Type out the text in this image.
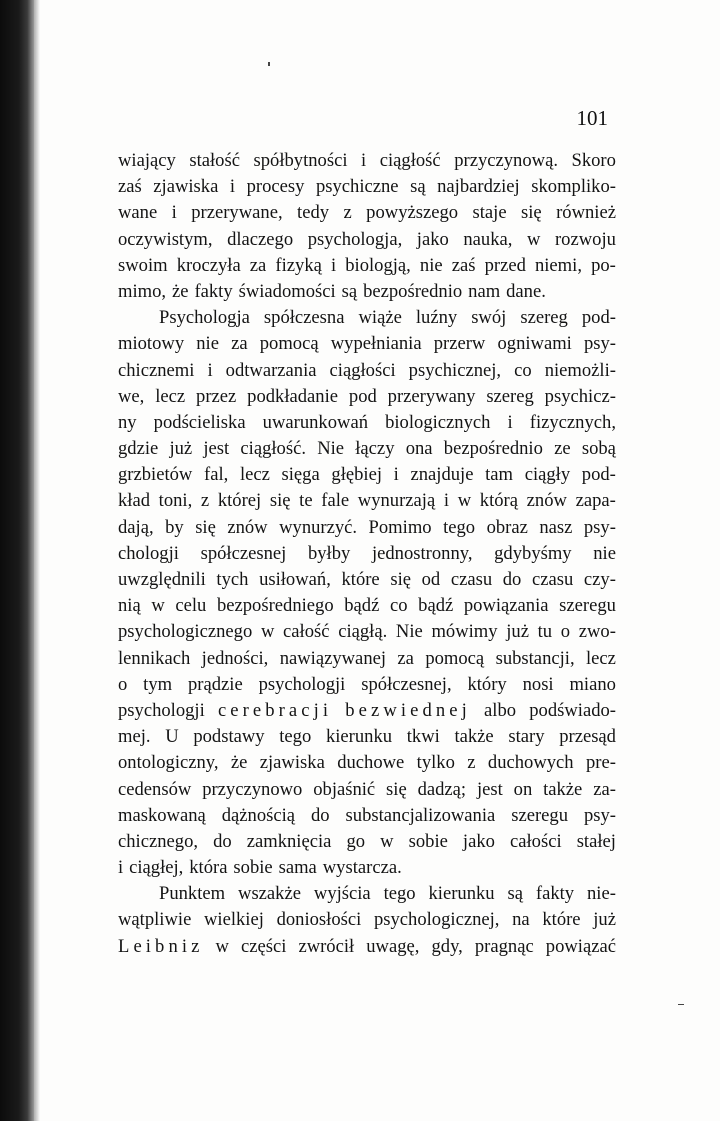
101
wiający stałość spółbytności i ciągłość przyczynową. Skoro
zaś zjawiska i procesy psychiczne są najbardziej skompliko-
wane i przerywane, tedy z powyższego staje się również
oczywistym, dlaczego psychologja, jako nauka, w rozwoju
swoim kroczyła za fizyką i biologją, nie zaś przed niemi, po-
mimo, że fakty świadomości są bezpośrednio nam dane.
Psychologja spółczesna wiąże luźny swój szereg pod-
miotowy nie za pomocą wypełniania przerw ogniwami psy-
chicznemi i odtwarzania ciągłości psychicznej, co niemożli-
we, lecz przez podkładanie pod przerywany szereg psychicz-
ny podścieliska uwarunkowań biologicznych i fizycznych,
gdzie już jest ciągłość. Nie łączy ona bezpośrednio ze sobą
grzbietów fal, lecz sięga głębiej i znajduje tam ciągły pod-
kład toni, z której się te fale wynurzają i w którą znów zapa-
dają, by się znów wynurzyć. Pomimo tego obraz nasz psy-
chologji spółczesnej byłby jednostronny, gdybyśmy nie
uwzględnili tych usiłowań, które się od czasu do czasu czy-
nią w celu bezpośredniego bądź co bądź powiązania szeregu
psychologicznego w całość ciągłą. Nie mówimy już tu o zwo-
lennikach jedności, nawiązywanej za pomocą substancji, lecz
o tym prądzie psychologji spółczesnej, który nosi miano
psychologji cerebracji bezwiednej albo podświado-
mej. U podstawy tego kierunku tkwi także stary przesąd
ontologiczny, że zjawiska duchowe tylko z duchowych pre-
cedensów przyczynowo objaśnić się dadzą; jest on także za-
maskowaną dążnością do substancjalizowania szeregu psy-
chicznego, do zamknięcia go w sobie jako całości stałej
i ciągłej, która sobie sama wystarcza.
Punktem wszakże wyjścia tego kierunku są fakty nie-
wątpliwie wielkiej doniosłości psychologicznej, na które już
Leibniz w części zwrócił uwagę, gdy, pragnąc powiązać
